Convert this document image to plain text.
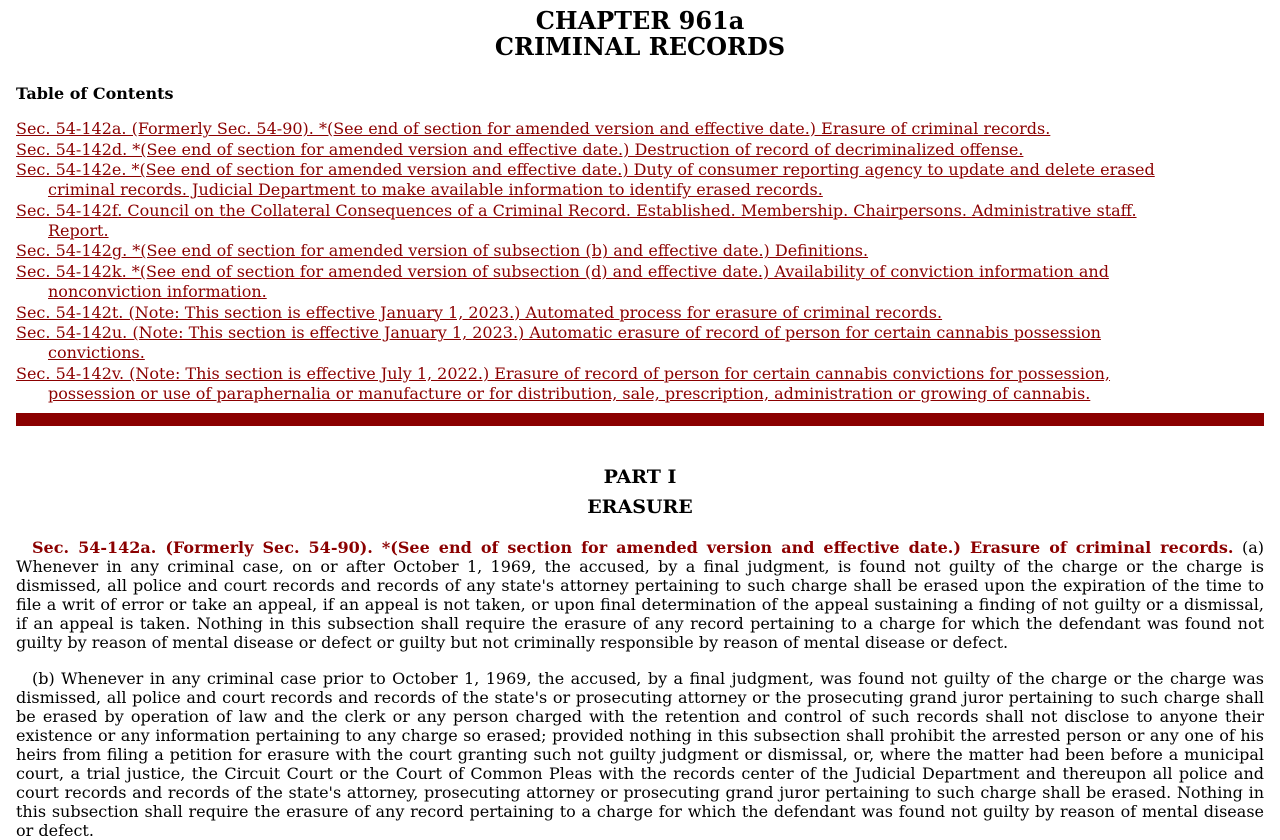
CHAPTER 961a
CRIMINAL RECORDS
Table of Contents
Sec. 54-142a. (Formerly Sec. 54-90). *(See end of section for amended version and effective date.) Erasure of criminal records.
Sec. 54-142d. *(See end of section for amended version and effective date.) Destruction of record of decriminalized offense.
Sec. 54-142e. *(See end of section for amended version and effective date.) Duty of consumer reporting agency to update and delete erased criminal records. Judicial Department to make available information to identify erased records.
Sec. 54-142f. Council on the Collateral Consequences of a Criminal Record. Established. Membership. Chairpersons. Administrative staff. Report.
Sec. 54-142g. *(See end of section for amended version of subsection (b) and effective date.) Definitions.
Sec. 54-142k. *(See end of section for amended version of subsection (d) and effective date.) Availability of conviction information and nonconviction information.
Sec. 54-142t. (Note: This section is effective January 1, 2023.) Automated process for erasure of criminal records.
Sec. 54-142u. (Note: This section is effective January 1, 2023.) Automatic erasure of record of person for certain cannabis possession convictions.
Sec. 54-142v. (Note: This section is effective July 1, 2022.) Erasure of record of person for certain cannabis convictions for possession, possession or use of paraphernalia or manufacture or for distribution, sale, prescription, administration or growing of cannabis.
PART I
ERASURE

Sec. 54-142a. (Formerly Sec. 54-90). *(See end of section for amended version and effective date.) Erasure of criminal records. (a) Whenever in any criminal case, on or after October 1, 1969, the accused, by a final judgment, is found not guilty of the charge or the charge is dismissed, all police and court records and records of any state's attorney pertaining to such charge shall be erased upon the expiration of the time to file a writ of error or take an appeal, if an appeal is not taken, or upon final determination of the appeal sustaining a finding of not guilty or a dismissal, if an appeal is taken. Nothing in this subsection shall require the erasure of any record pertaining to a charge for which the defendant was found not guilty by reason of mental disease or defect or guilty but not criminally responsible by reason of mental disease or defect.

(b) Whenever in any criminal case prior to October 1, 1969, the accused, by a final judgment, was found not guilty of the charge or the charge was dismissed, all police and court records and records of the state's or prosecuting attorney or the prosecuting grand juror pertaining to such charge shall be erased by operation of law and the clerk or any person charged with the retention and control of such records shall not disclose to anyone their existence or any information pertaining to any charge so erased; provided nothing in this subsection shall prohibit the arrested person or any one of his heirs from filing a petition for erasure with the court granting such not guilty judgment or dismissal, or, where the matter had been before a municipal court, a trial justice, the Circuit Court or the Court of Common Pleas with the records center of the Judicial Department and thereupon all police and court records and records of the state's attorney, prosecuting attorney or prosecuting grand juror pertaining to such charge shall be erased. Nothing in this subsection shall require the erasure of any record pertaining to a charge for which the defendant was found not guilty by reason of mental disease or defect.
